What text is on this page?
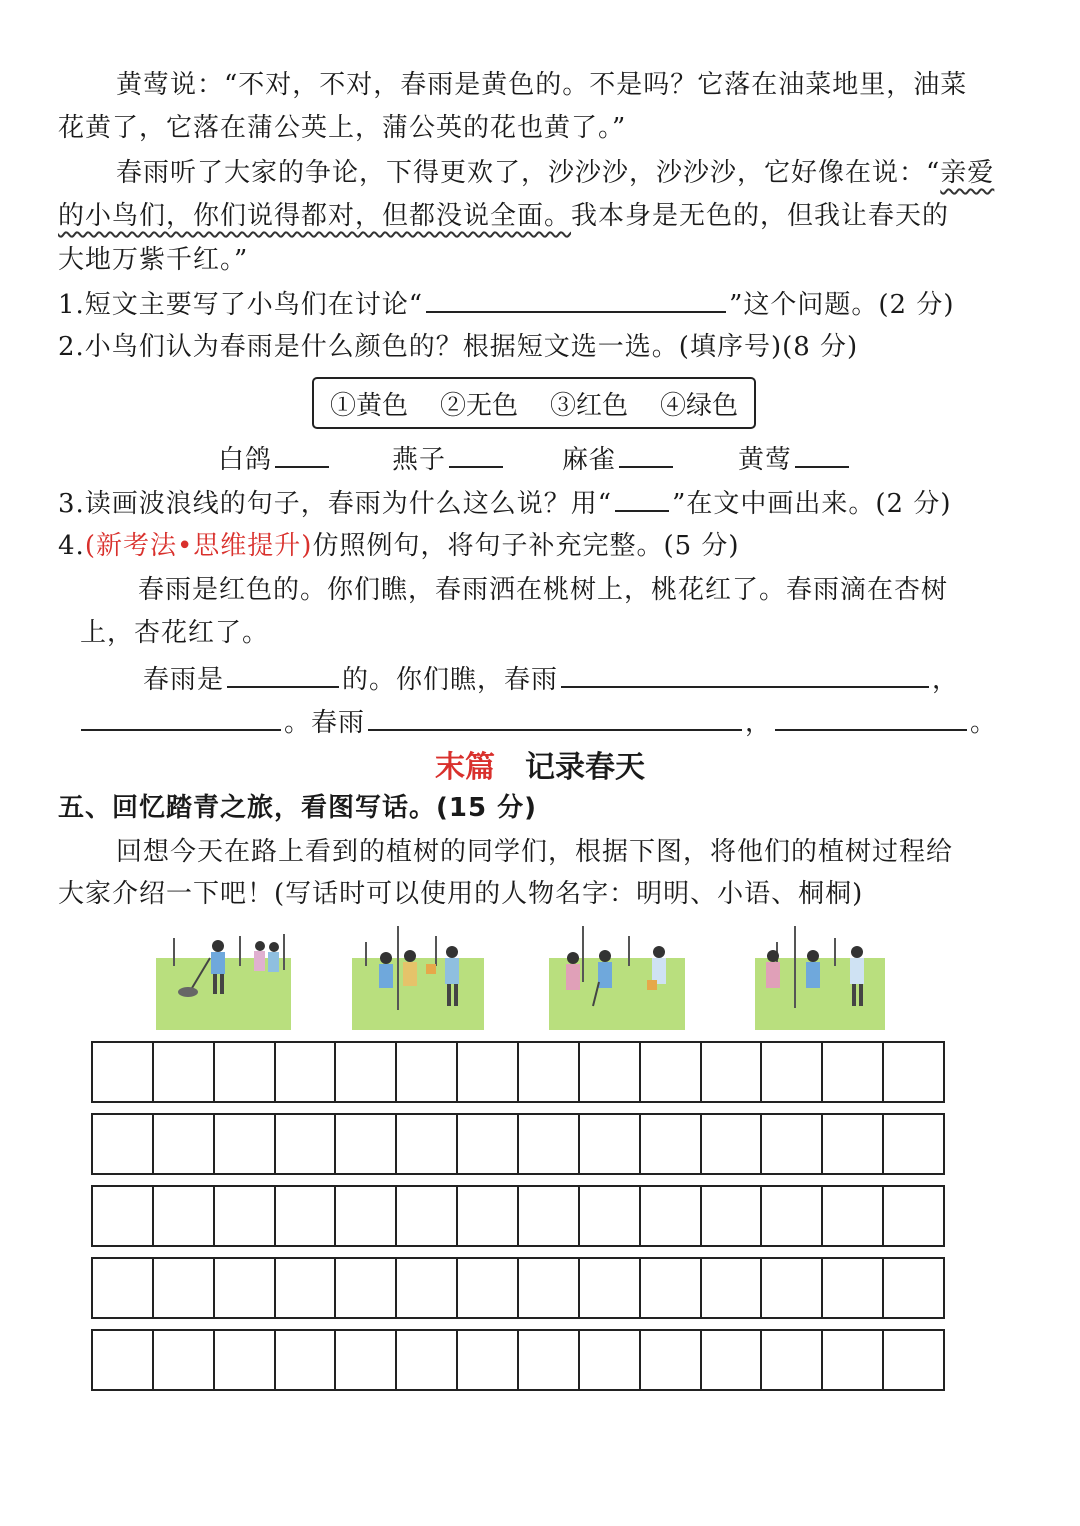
黄莺说：“不对，不对，春雨是黄色的。不是吗？它落在油菜地里，油菜
花黄了，它落在蒲公英上，蒲公英的花也黄了。”
春雨听了大家的争论，下得更欢了，沙沙沙，沙沙沙，它好像在说：“亲爱
的小鸟们，你们说得都对，但都没说全面。我本身是无色的，但我让春天的
大地万紫千红。”
1.短文主要写了小鸟们在讨论“	”这个问题。(2 分)
2.小鸟们认为春雨是什么颜色的？根据短文选一选。(填序号)(8 分)
①黄色 ②无色 ③红色 ④绿色
白鸽	燕子	麻雀	黄莺
3.读画波浪线的句子，春雨为什么这么说？用“ ”在文中画出来。(2 分)
4.(新考法•思维提升)仿照例句，将句子补充完整。(5 分)
春雨是红色的。你们瞧，春雨洒在桃树上，桃花红了。春雨滴在杏树
上，杏花红了。
春雨是	的。你们瞧，春雨	，
。春雨	，	。
末篇 记录春天
五、回忆踏青之旅，看图写话。(15 分)
回想今天在路上看到的植树的同学们，根据下图，将他们的植树过程给
大家介绍一下吧！(写话时可以使用的人物名字：明明、小语、桐桐)
